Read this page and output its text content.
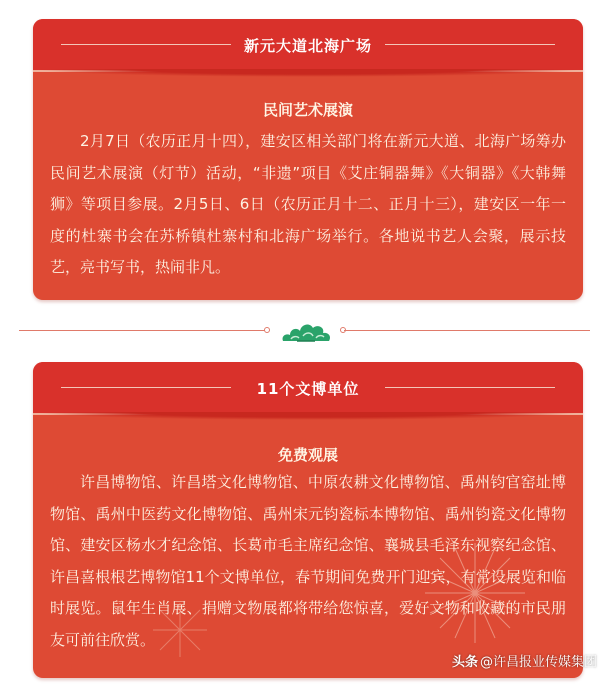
新元大道北海广场
民间艺术展演
2月7日（农历正月十四），建安区相关部门将在新元大道、北海广场筹办民间艺术展演（灯节）活动，“非遗”项目《艾庄铜器舞》《大铜器》《大韩舞狮》等项目参展。2月5日、6日（农历正月十二、正月十三），建安区一年一度的杜寨书会在苏桥镇杜寨村和北海广场举行。各地说书艺人会聚，展示技艺，亮书写书，热闹非凡。
11个文博单位
免费观展
许昌博物馆、许昌塔文化博物馆、中原农耕文化博物馆、禹州钧官窑址博物馆、禹州中医药文化博物馆、禹州宋元钧瓷标本博物馆、禹州钧瓷文化博物馆、建安区杨水才纪念馆、长葛市毛主席纪念馆、襄城县毛泽东视察纪念馆、许昌喜根根艺博物馆11个文博单位，春节期间免费开门迎宾，有常设展览和临时展览。鼠年生肖展、捐赠文物展都将带给您惊喜，爱好文物和收藏的市民朋友可前往欣赏。
头条 @许昌报业传媒集团
